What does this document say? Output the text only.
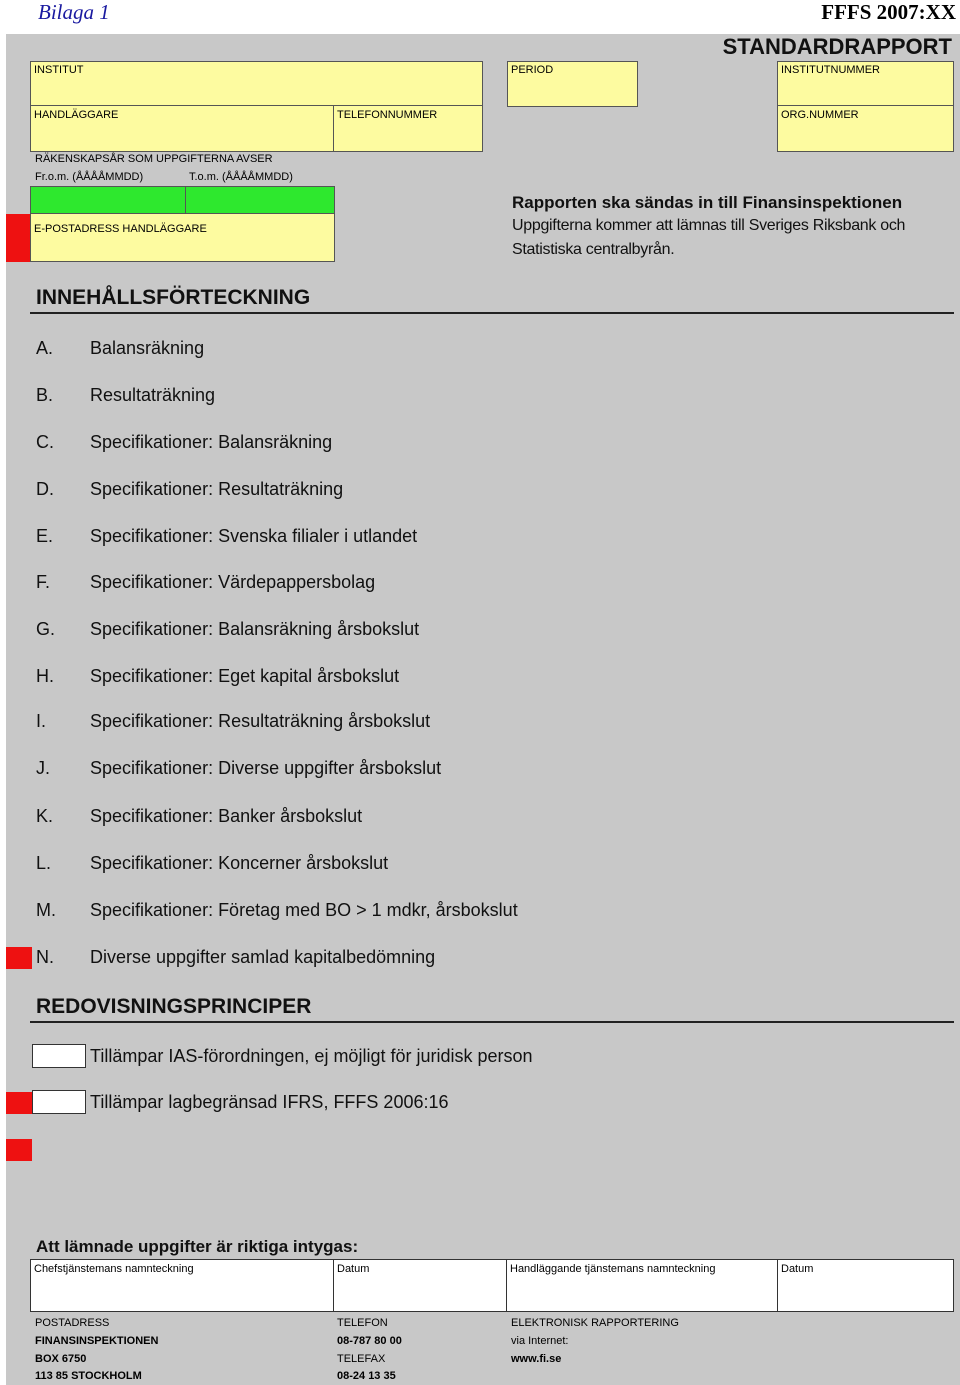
Bilaga 1	FFFS 2007:XX
STANDARDRAPPORT
INSTITUT	PERIOD	INSTITUTNUMMER
HANDLÄGGARE	TELEFONNUMMER	ORG.NUMMER
RÄKENSKAPSÅR SOM UPPGIFTERNA AVSER
Fr.o.m. (ÅÅÅÅMMDD)	T.o.m. (ÅÅÅÅMMDD)
E-POSTADRESS HANDLÄGGARE
Rapporten ska sändas in till Finansinspektionen
Uppgifterna kommer att lämnas till Sveriges Riksbank och
Statistiska centralbyrån.
INNEHÅLLSFÖRTECKNING
A. Balansräkning
B. Resultaträkning
C. Specifikationer: Balansräkning
D. Specifikationer: Resultaträkning
E. Specifikationer: Svenska filialer i utlandet
F. Specifikationer: Värdepappersbolag
G. Specifikationer: Balansräkning årsbokslut
H. Specifikationer: Eget kapital årsbokslut
I. Specifikationer: Resultaträkning årsbokslut
J. Specifikationer: Diverse uppgifter årsbokslut
K. Specifikationer: Banker årsbokslut
L. Specifikationer: Koncerner årsbokslut
M. Specifikationer: Företag med BO > 1 mdkr, årsbokslut
N. Diverse uppgifter samlad kapitalbedömning
REDOVISNINGSPRINCIPER
Tillämpar IAS-förordningen, ej möjligt för juridisk person
Tillämpar lagbegränsad IFRS, FFFS 2006:16
Att lämnade uppgifter är riktiga intygas:
Chefstjänstemans namnteckning	Datum	Handläggande tjänstemans namnteckning	Datum
POSTADRESS
FINANSINSPEKTIONEN
BOX 6750
113 85 STOCKHOLM
TELEFON
08-787 80 00
TELEFAX
08-24 13 35
ELEKTRONISK RAPPORTERING
via Internet:
www.fi.se
